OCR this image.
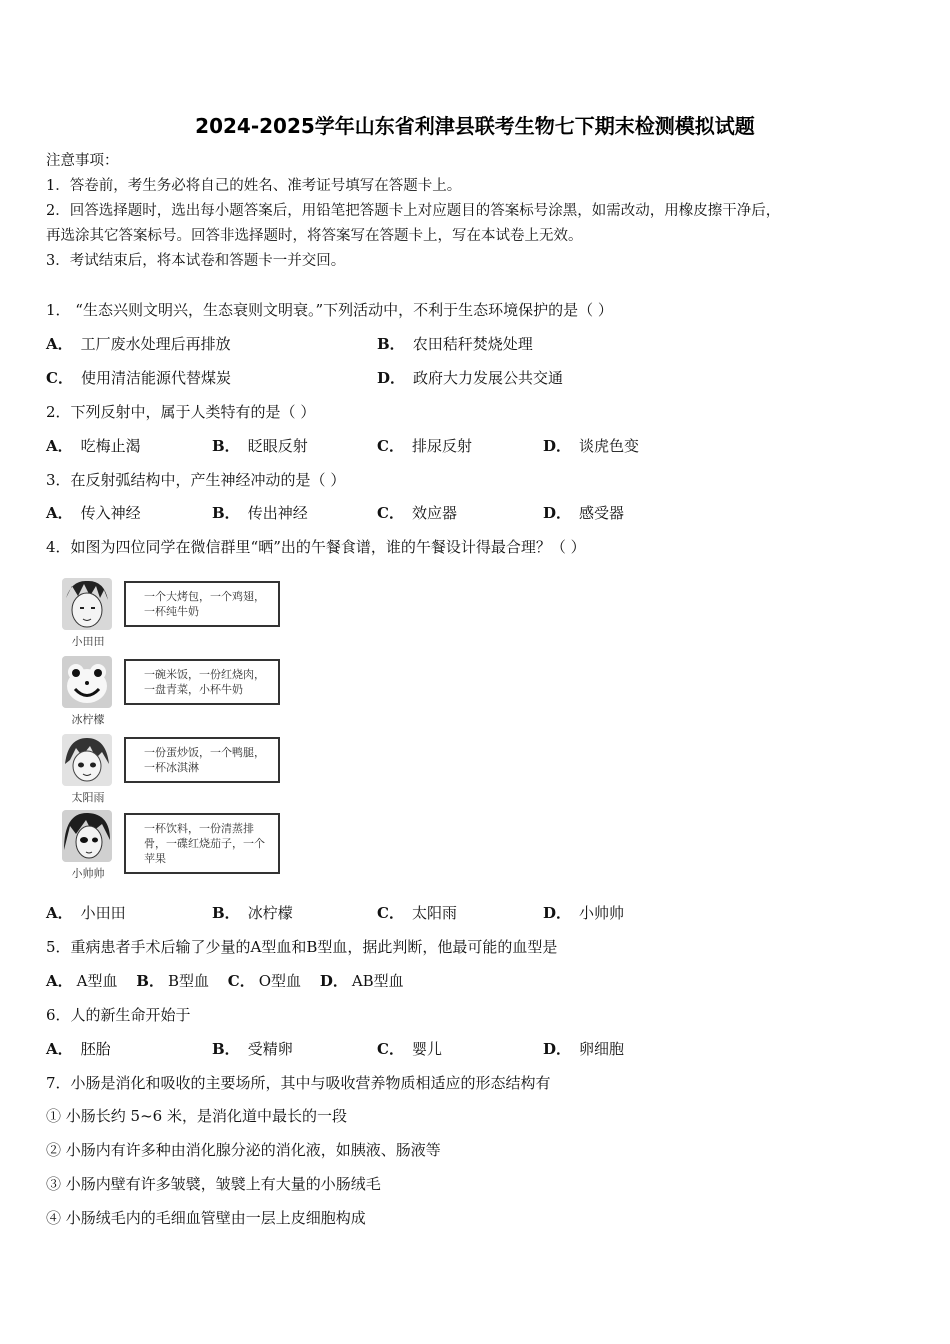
2024-2025学年山东省利津县联考生物七下期末检测模拟试题
注意事项：
1．答卷前，考生务必将自己的姓名、准考证号填写在答题卡上。
2．回答选择题时，选出每小题答案后，用铅笔把答题卡上对应题目的答案标号涂黑，如需改动，用橡皮擦干净后，
再选涂其它答案标号。回答非选择题时，将答案写在答题卡上，写在本试卷上无效。
3．考试结束后，将本试卷和答题卡一并交回。
1． “生态兴则文明兴，生态衰则文明衰。”下列活动中，不利于生态环境保护的是（ ）
A． 工厂废水处理后再排放	B． 农田秸秆焚烧处理
C． 使用清洁能源代替煤炭	D． 政府大力发展公共交通
2．下列反射中，属于人类特有的是（ ）
A． 吃梅止渴	B． 眨眼反射	C． 排尿反射	D． 谈虎色变
3．在反射弧结构中，产生神经冲动的是（ ）
A． 传入神经	B． 传出神经	C． 效应器	D． 感受器
4．如图为四位同学在微信群里“晒”出的午餐食谱，谁的午餐设计得最合理？（ ）
小田田
一个大烤包，一个鸡翅，一杯纯牛奶
冰柠檬
一碗米饭，一份红烧肉，一盘青菜，小杯牛奶
太阳雨
一份蛋炒饭，一个鸭腿，一杯冰淇淋
小帅帅
一杯饮料，一份清蒸排骨，一碟红烧茄子，一个苹果
A． 小田田	B． 冰柠檬	C． 太阳雨	D． 小帅帅
5．重病患者手术后输了少量的A型血和B型血，据此判断，他最可能的血型是
A． A型血 B． B型血 C． O型血 D． AB型血
6．人的新生命开始于
A． 胚胎	B． 受精卵	C． 婴儿	D． 卵细胞
7．小肠是消化和吸收的主要场所，其中与吸收营养物质相适应的形态结构有
① 小肠长约 5~6 米，是消化道中最长的一段
② 小肠内有许多种由消化腺分泌的消化液，如胰液、肠液等
③ 小肠内壁有许多皱襞，皱襞上有大量的小肠绒毛
④ 小肠绒毛内的毛细血管壁由一层上皮细胞构成
